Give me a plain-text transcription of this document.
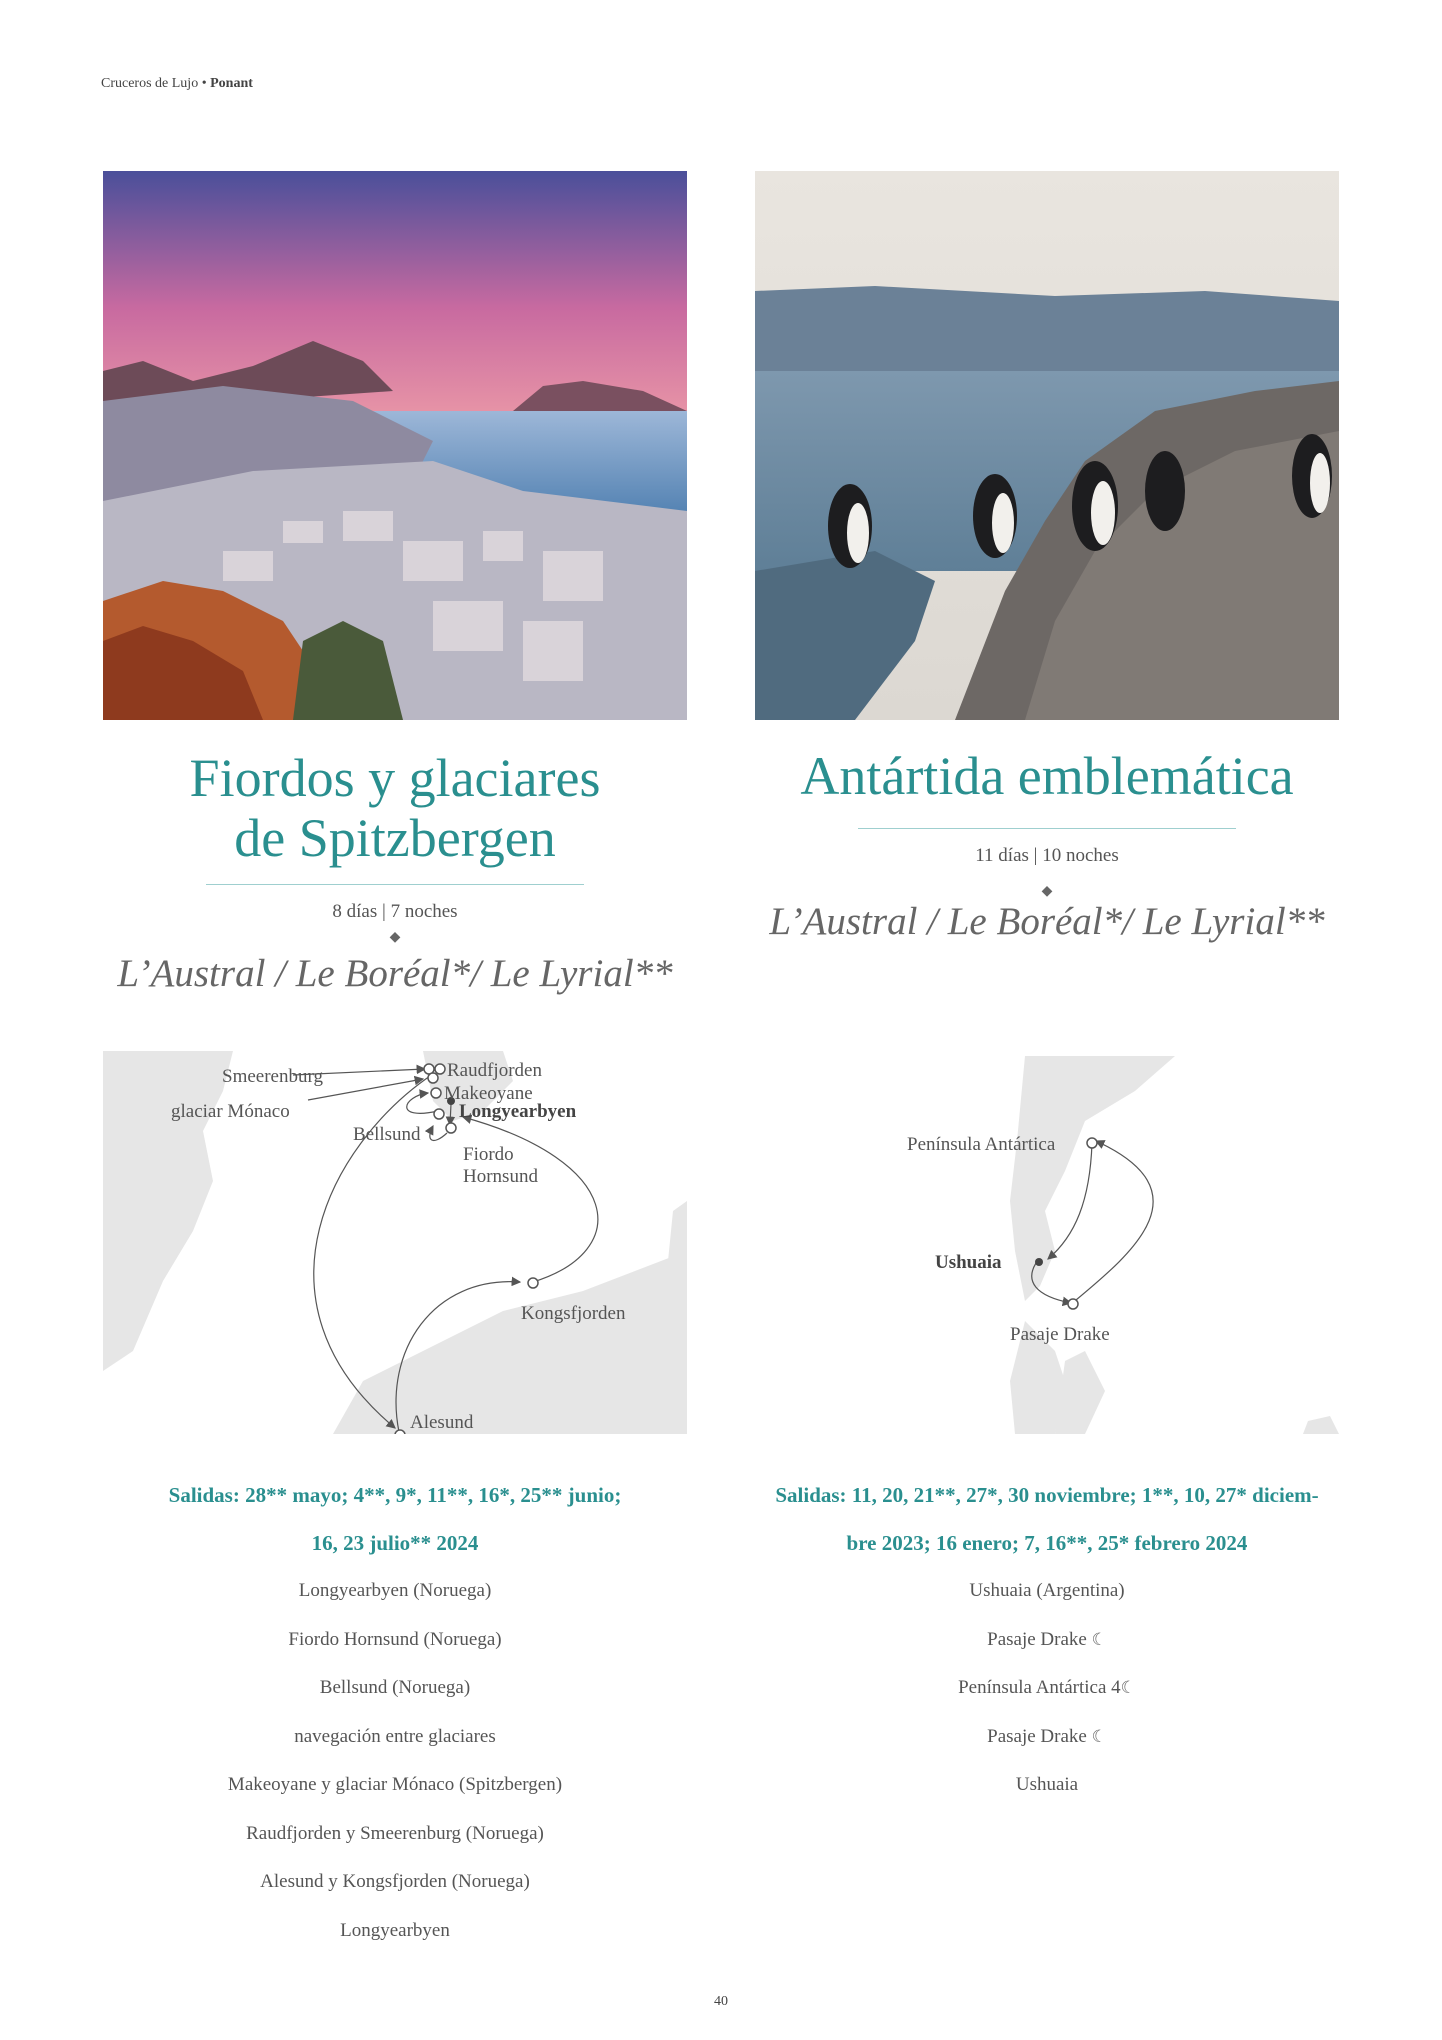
Cruceros de Lujo • Ponant
Fiordos y glaciares
de Spitzbergen
8 días | 7 noches
◆
L’Austral / Le Boréal*/ Le Lyrial**
Smeerenburg
glaciar Mónaco
Raudfjorden
Makeoyane
Longyearbyen
Bellsund
Fiordo
Hornsund
Kongsfjorden
Alesund
Salidas: 28** mayo; 4**, 9*, 11**, 16*, 25** junio;
16, 23 julio** 2024
Longyearbyen (Noruega)
Fiordo Hornsund (Noruega)
Bellsund (Noruega)
navegación entre glaciares
Makeoyane y glaciar Mónaco (Spitzbergen)
Raudfjorden y Smeerenburg (Noruega)
Alesund y Kongsfjorden (Noruega)
Longyearbyen
Antártida emblemática
11 días | 10 noches
◆
L’Austral / Le Boréal*/ Le Lyrial**
Península Antártica
Ushuaia
Pasaje Drake
Salidas: 11, 20, 21**, 27*, 30 noviembre; 1**, 10, 27* diciem-
bre 2023; 16 enero; 7, 16**, 25* febrero 2024
Ushuaia (Argentina)
Pasaje Drake ☾
Península Antártica 4☾
Pasaje Drake ☾
Ushuaia
40
